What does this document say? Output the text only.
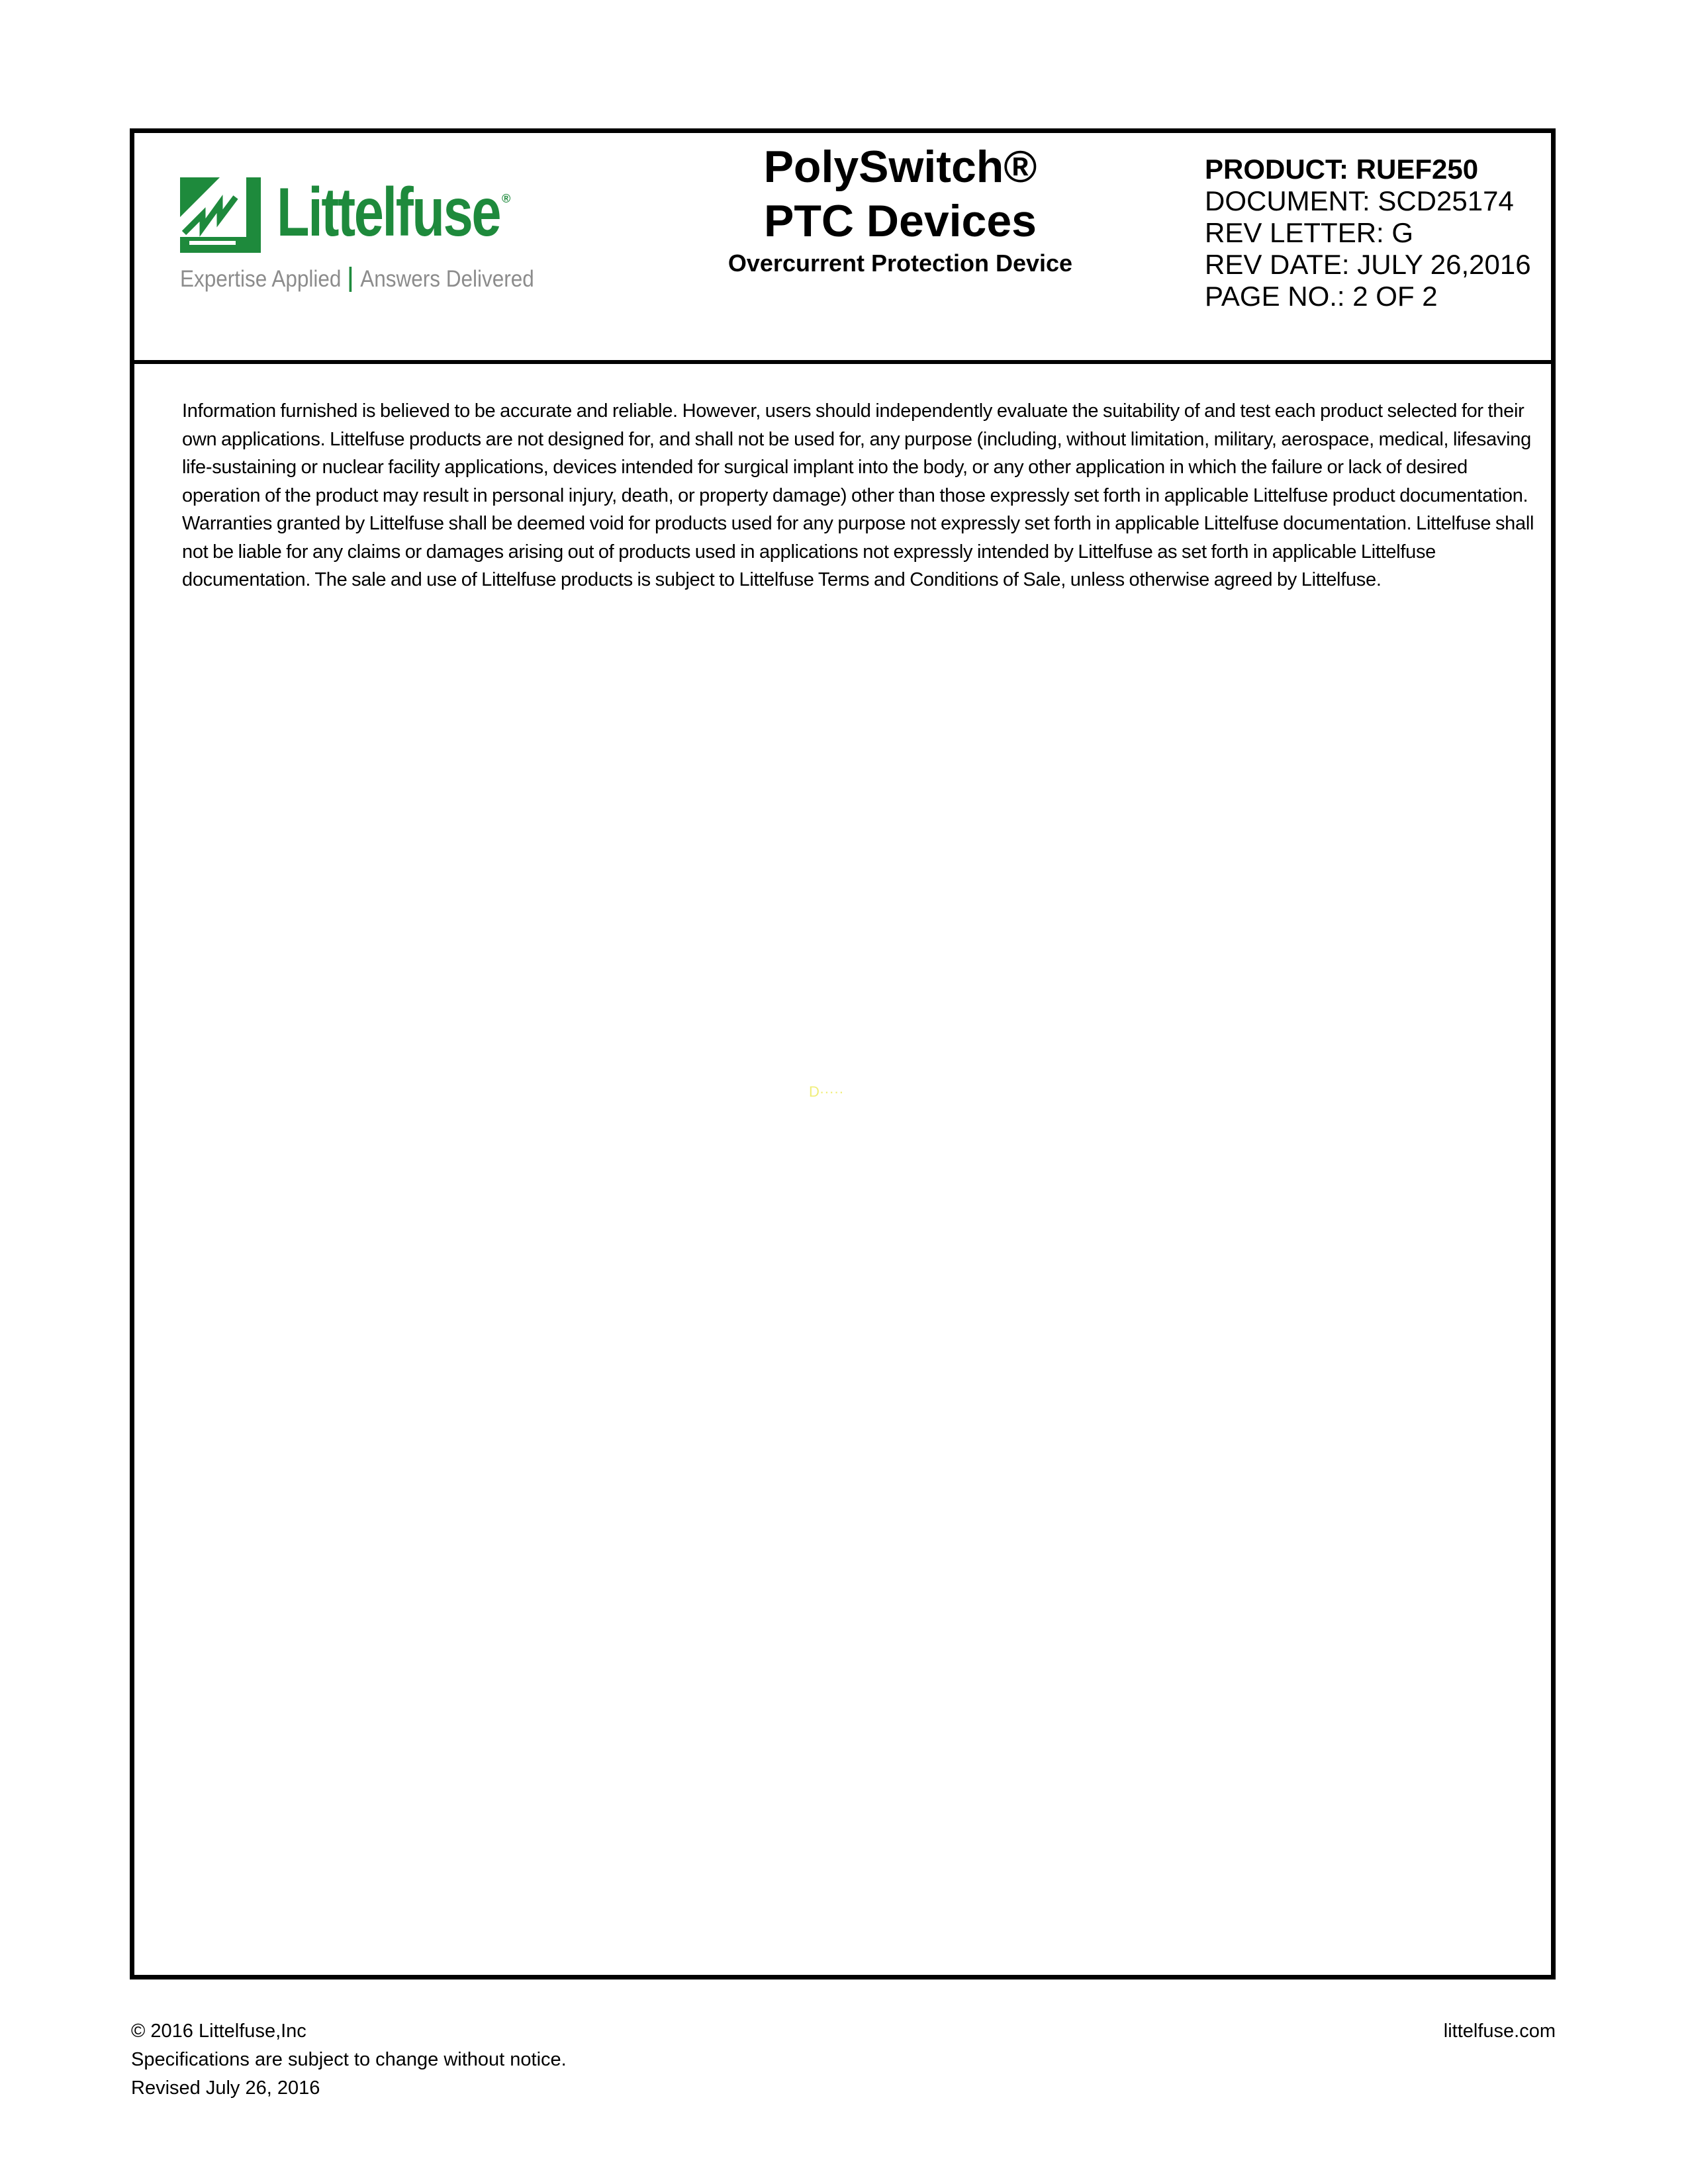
Littelfuse ®
Expertise Applied Answers Delivered
PolySwitch®
PTC Devices
Overcurrent Protection Device
PRODUCT: RUEF250
DOCUMENT: SCD25174
REV LETTER: G
REV DATE: JULY 26,2016
PAGE NO.: 2 OF 2
Information furnished is believed to be accurate and reliable. However, users should independently evaluate the suitability of and test each product selected for their own applications. Littelfuse products are not designed for, and shall not be used for, any purpose (including, without limitation, military, aerospace, medical, lifesaving life-sustaining or nuclear facility applications, devices intended for surgical implant into the body, or any other application in which the failure or lack of desired operation of the product may result in personal injury, death, or property damage) other than those expressly set forth in applicable Littelfuse product documentation. Warranties granted by Littelfuse shall be deemed void for products used for any purpose not expressly set forth in applicable Littelfuse documentation. Littelfuse shall not be liable for any claims or damages arising out of products used in applications not expressly intended by Littelfuse as set forth in applicable Littelfuse documentation. The sale and use of Littelfuse products is subject to Littelfuse Terms and Conditions of Sale, unless otherwise agreed by Littelfuse.
D·····
© 2016 Littelfuse,Inc
Specifications are subject to change without notice.
Revised July 26, 2016
littelfuse.com
